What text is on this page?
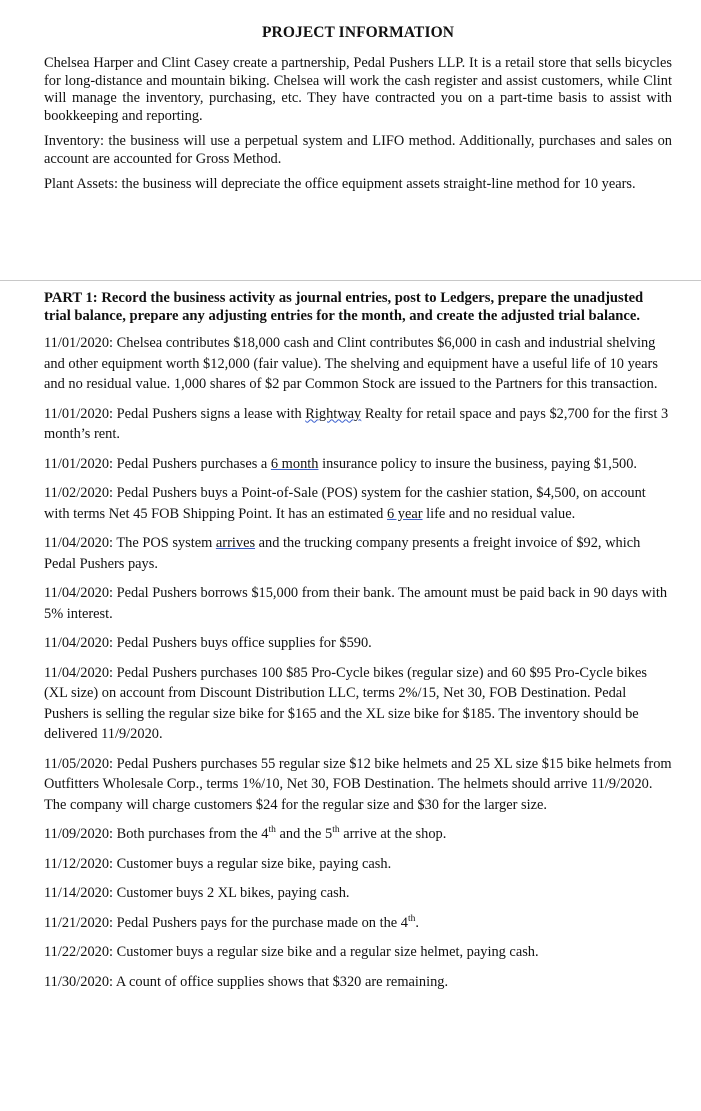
PROJECT INFORMATION

Chelsea Harper and Clint Casey create a partnership, Pedal Pushers LLP. It is a retail store that sells bicycles for long-distance and mountain biking. Chelsea will work the cash register and assist customers, while Clint will manage the inventory, purchasing, etc. They have contracted you on a part-time basis to assist with bookkeeping and reporting.

Inventory: the business will use a perpetual system and LIFO method. Additionally, purchases and sales on account are accounted for Gross Method.

Plant Assets: the business will depreciate the office equipment assets straight-line method for 10 years.

PART 1: Record the business activity as journal entries, post to Ledgers, prepare the unadjusted trial balance, prepare any adjusting entries for the month, and create the adjusted trial balance.

11/01/2020: Chelsea contributes $18,000 cash and Clint contributes $6,000 in cash and industrial shelving and other equipment worth $12,000 (fair value). The shelving and equipment have a useful life of 10 years and no residual value. 1,000 shares of $2 par Common Stock are issued to the Partners for this transaction.

11/01/2020: Pedal Pushers signs a lease with Rightway Realty for retail space and pays $2,700 for the first 3 month’s rent.

11/01/2020: Pedal Pushers purchases a 6 month insurance policy to insure the business, paying $1,500.

11/02/2020: Pedal Pushers buys a Point-of-Sale (POS) system for the cashier station, $4,500, on account with terms Net 45 FOB Shipping Point. It has an estimated 6 year life and no residual value.

11/04/2020: The POS system arrives and the trucking company presents a freight invoice of $92, which Pedal Pushers pays.

11/04/2020: Pedal Pushers borrows $15,000 from their bank. The amount must be paid back in 90 days with 5% interest.

11/04/2020: Pedal Pushers buys office supplies for $590.

11/04/2020: Pedal Pushers purchases 100 $85 Pro-Cycle bikes (regular size) and 60 $95 Pro-Cycle bikes (XL size) on account from Discount Distribution LLC, terms 2%/15, Net 30, FOB Destination. Pedal Pushers is selling the regular size bike for $165 and the XL size bike for $185. The inventory should be delivered 11/9/2020.

11/05/2020: Pedal Pushers purchases 55 regular size $12 bike helmets and 25 XL size $15 bike helmets from Outfitters Wholesale Corp., terms 1%/10, Net 30, FOB Destination. The helmets should arrive 11/9/2020. The company will charge customers $24 for the regular size and $30 for the larger size.

11/09/2020: Both purchases from the 4th and the 5th arrive at the shop.

11/12/2020: Customer buys a regular size bike, paying cash.

11/14/2020: Customer buys 2 XL bikes, paying cash.

11/21/2020: Pedal Pushers pays for the purchase made on the 4th.

11/22/2020: Customer buys a regular size bike and a regular size helmet, paying cash.

11/30/2020: A count of office supplies shows that $320 are remaining.
